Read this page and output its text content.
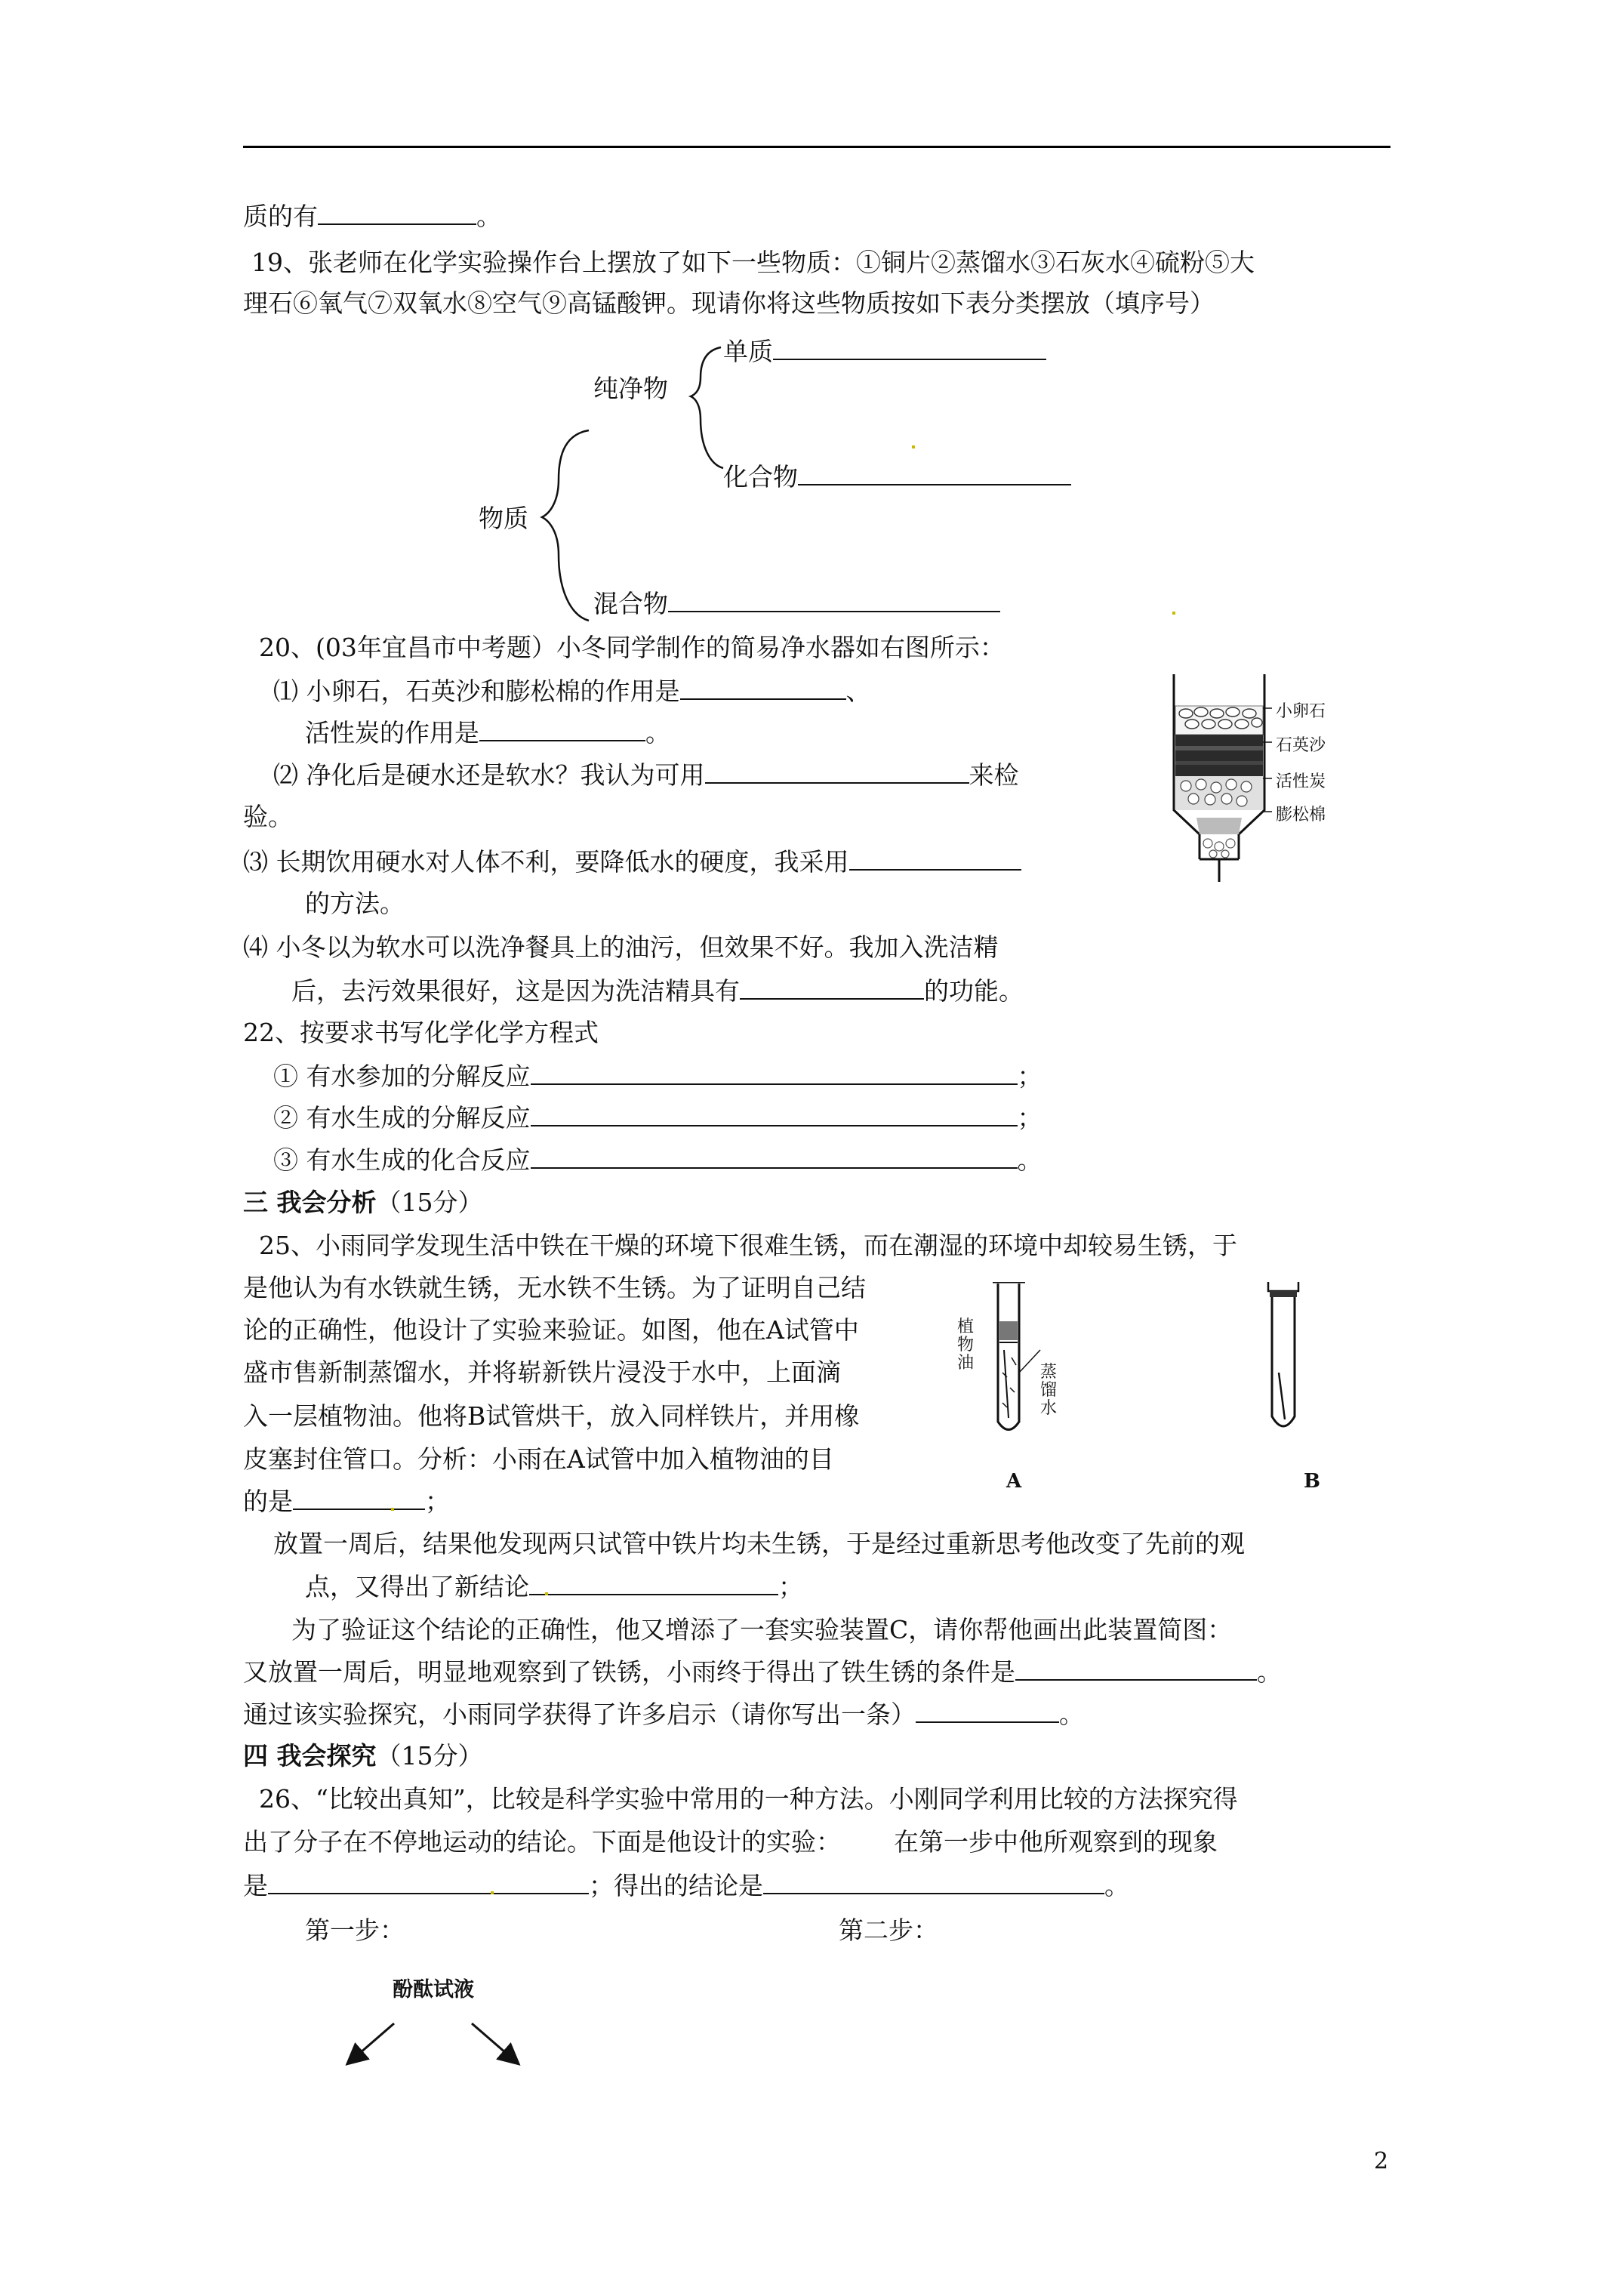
质的有	。
19、张老师在化学实验操作台上摆放了如下一些物质：①铜片②蒸馏水③石灰水④硫粉⑤大
理石⑥氧气⑦双氧水⑧空气⑨高锰酸钾。现请你将这些物质按如下表分类摆放（填序号）
单质
纯净物
化合物
物质
混合物
20、(03年宜昌市中考题）小冬同学制作的简易净水器如右图所示：
⑴ 小卵石，石英沙和膨松棉的作用是	、
活性炭的作用是	。
⑵ 净化后是硬水还是软水？我认为可用	来检
验。
⑶ 长期饮用硬水对人体不利，要降低水的硬度，我采用
的方法。
⑷ 小冬以为软水可以洗净餐具上的油污，但效果不好。我加入洗洁精
后，去污效果很好，这是因为洗洁精具有	的功能。
小卵石
石英沙
活性炭
膨松棉
22、按要求书写化学化学方程式
① 有水参加的分解反应	；
② 有水生成的分解反应	；
③ 有水生成的化合反应	。
三 我会分析（15分）
25、小雨同学发现生活中铁在干燥的环境下很难生锈，而在潮湿的环境中却较易生锈，于
是他认为有水铁就生锈，无水铁不生锈。为了证明自己结
论的正确性，他设计了实验来验证。如图，他在A试管中
盛市售新制蒸馏水，并将崭新铁片浸没于水中，上面滴
入一层植物油。他将B试管烘干，放入同样铁片，并用橡
皮塞封住管口。分析：小雨在A试管中加入植物油的目
的是	；
植物油	蒸馏水
A	B
放置一周后，结果他发现两只试管中铁片均未生锈，于是经过重新思考他改变了先前的观
点，又得出了新结论	；
为了验证这个结论的正确性，他又增添了一套实验装置C，请你帮他画出此装置简图：
又放置一周后，明显地观察到了铁锈，小雨终于得出了铁生锈的条件是	。
通过该实验探究，小雨同学获得了许多启示（请你写出一条）	。
四 我会探究（15分）
26、“比较出真知”，比较是科学实验中常用的一种方法。小刚同学利用比较的方法探究得
出了分子在不停地运动的结论。下面是他设计的实验： 在第一步中他所观察到的现象
是	；得出的结论是	。
第一步：	第二步：
酚酞试液
2
